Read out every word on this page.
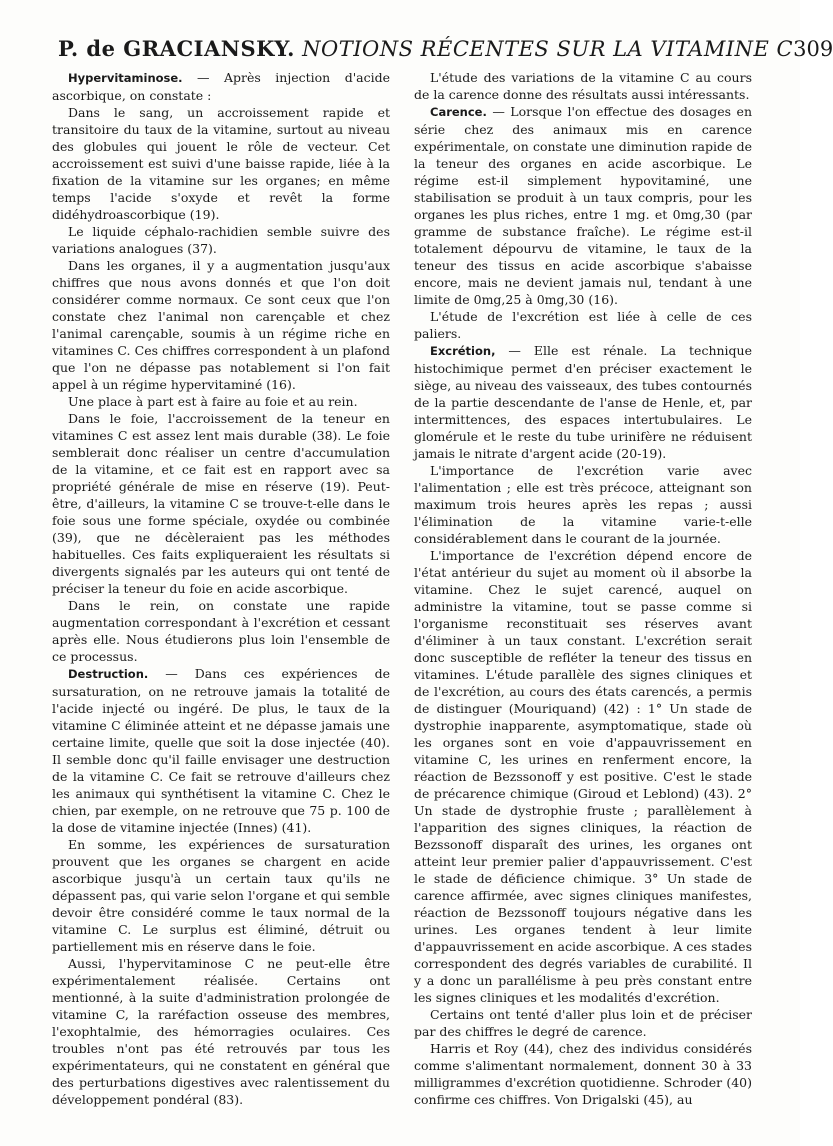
P. de GRACIANSKY. NOTIONS RÉCENTES SUR LA VITAMINE C 309

Hypervitaminose. — Après injection d'acide ascorbique, on constate :

Dans le sang, un accroissement rapide et transitoire du taux de la vitamine, surtout au niveau des globules qui jouent le rôle de vecteur. Cet accroissement est suivi d'une baisse rapide, liée à la fixation de la vitamine sur les organes; en même temps l'acide s'oxyde et revêt la forme didéhydroascorbique (19).

Le liquide céphalo-rachidien semble suivre des variations analogues (37).

Dans les organes, il y a augmentation jusqu'aux chiffres que nous avons donnés et que l'on doit considérer comme normaux. Ce sont ceux que l'on constate chez l'animal non carençable et chez l'animal carençable, soumis à un régime riche en vitamines C. Ces chiffres correspondent à un plafond que l'on ne dépasse pas notablement si l'on fait appel à un régime hypervitaminé (16).

Une place à part est à faire au foie et au rein.

Dans le foie, l'accroissement de la teneur en vitamines C est assez lent mais durable (38). Le foie semblerait donc réaliser un centre d'accumulation de la vitamine, et ce fait est en rapport avec sa propriété générale de mise en réserve (19). Peut-être, d'ailleurs, la vitamine C se trouve-t-elle dans le foie sous une forme spéciale, oxydée ou combinée (39), que ne décèleraient pas les méthodes habituelles. Ces faits expliqueraient les résultats si divergents signalés par les auteurs qui ont tenté de préciser la teneur du foie en acide ascorbique.

Dans le rein, on constate une rapide augmentation correspondant à l'excrétion et cessant après elle. Nous étudierons plus loin l'ensemble de ce processus.

Destruction. — Dans ces expériences de sursaturation, on ne retrouve jamais la totalité de l'acide injecté ou ingéré. De plus, le taux de la vitamine C éliminée atteint et ne dépasse jamais une certaine limite, quelle que soit la dose injectée (40). Il semble donc qu'il faille envisager une destruction de la vitamine C. Ce fait se retrouve d'ailleurs chez les animaux qui synthétisent la vitamine C. Chez le chien, par exemple, on ne retrouve que 75 p. 100 de la dose de vitamine injectée (Innes) (41).

En somme, les expériences de sursaturation prouvent que les organes se chargent en acide ascorbique jusqu'à un certain taux qu'ils ne dépassent pas, qui varie selon l'organe et qui semble devoir être considéré comme le taux normal de la vitamine C. Le surplus est éliminé, détruit ou partiellement mis en réserve dans le foie.

Aussi, l'hypervitaminose C ne peut-elle être expérimentalement réalisée. Certains ont mentionné, à la suite d'administration prolongée de vitamine C, la raréfaction osseuse des membres, l'exophtalmie, des hémorragies oculaires. Ces troubles n'ont pas été retrouvés par tous les expérimentateurs, qui ne constatent en général que des perturbations digestives avec ralentissement du développement pondéral (83).

L'étude des variations de la vitamine C au cours de la carence donne des résultats aussi intéressants.

Carence. — Lorsque l'on effectue des dosages en série chez des animaux mis en carence expérimentale, on constate une diminution rapide de la teneur des organes en acide ascorbique. Le régime est-il simplement hypovitaminé, une stabilisation se produit à un taux compris, pour les organes les plus riches, entre 1 mg. et 0mg,30 (par gramme de substance fraîche). Le régime est-il totalement dépourvu de vitamine, le taux de la teneur des tissus en acide ascorbique s'abaisse encore, mais ne devient jamais nul, tendant à une limite de 0mg,25 à 0mg,30 (16).

L'étude de l'excrétion est liée à celle de ces paliers.

Excrétion, — Elle est rénale. La technique histochimique permet d'en préciser exactement le siège, au niveau des vaisseaux, des tubes contournés de la partie descendante de l'anse de Henle, et, par intermittences, des espaces intertubulaires. Le glomérule et le reste du tube urinifère ne réduisent jamais le nitrate d'argent acide (20-19).

L'importance de l'excrétion varie avec l'alimentation ; elle est très précoce, atteignant son maximum trois heures après les repas ; aussi l'élimination de la vitamine varie-t-elle considérablement dans le courant de la journée.

L'importance de l'excrétion dépend encore de l'état antérieur du sujet au moment où il absorbe la vitamine. Chez le sujet carencé, auquel on administre la vitamine, tout se passe comme si l'organisme reconstituait ses réserves avant d'éliminer à un taux constant. L'excrétion serait donc susceptible de refléter la teneur des tissus en vitamines. L'étude parallèle des signes cliniques et de l'excrétion, au cours des états carencés, a permis de distinguer (Mouriquand) (42) : 1° Un stade de dystrophie inapparente, asymptomatique, stade où les organes sont en voie d'appauvrissement en vitamine C, les urines en renferment encore, la réaction de Bezssonoff y est positive. C'est le stade de précarence chimique (Giroud et Leblond) (43). 2° Un stade de dystrophie fruste ; parallèlement à l'apparition des signes cliniques, la réaction de Bezssonoff disparaît des urines, les organes ont atteint leur premier palier d'appauvrissement. C'est le stade de déficience chimique. 3° Un stade de carence affirmée, avec signes cliniques manifestes, réaction de Bezssonoff toujours négative dans les urines. Les organes tendent à leur limite d'appauvrissement en acide ascorbique. A ces stades correspondent des degrés variables de curabilité. Il y a donc un parallélisme à peu près constant entre les signes cliniques et les modalités d'excrétion.

Certains ont tenté d'aller plus loin et de préciser par des chiffres le degré de carence.

Harris et Roy (44), chez des individus considérés comme s'alimentant normalement, donnent 30 à 33 milligrammes d'excrétion quotidienne. Schroder (40) confirme ces chiffres. Von Drigalski (45), au
